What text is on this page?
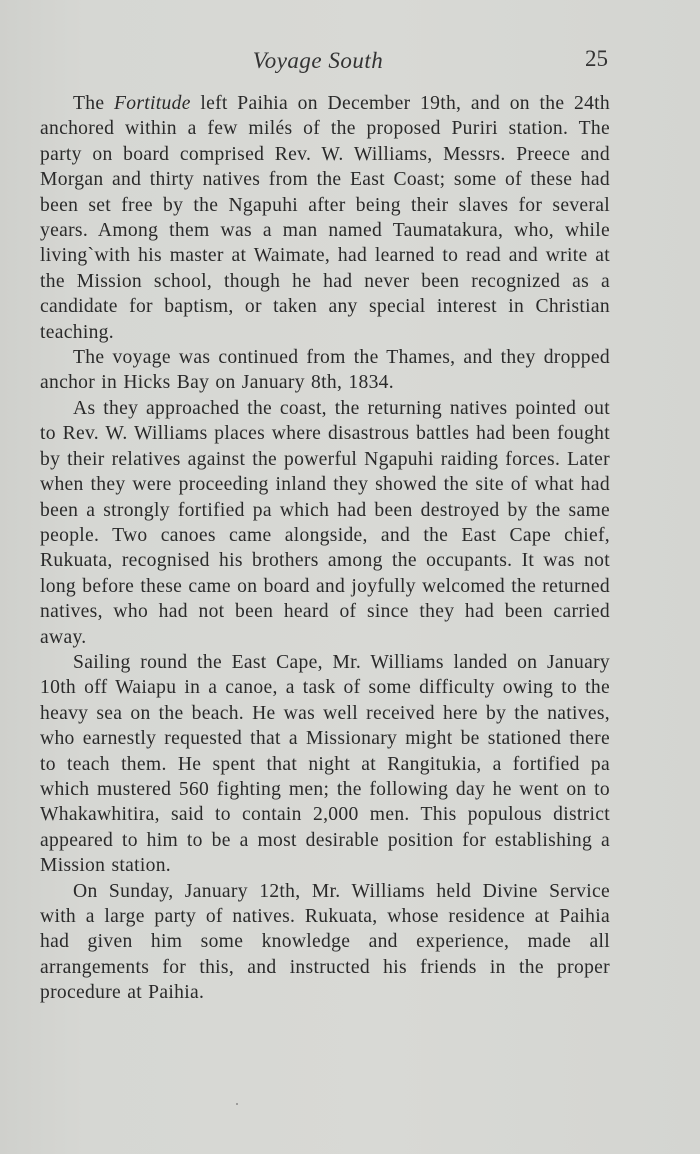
Voyage South	25

The Fortitude left Paihia on December 19th, and on the 24th anchored within a few milés of the proposed Puriri station. The party on board comprised Rev. W. Williams, Messrs. Preece and Morgan and thirty natives from the East Coast; some of these had been set free by the Ngapuhi after being their slaves for several years. Among them was a man named Taumatakura, who, while living`with his master at Waimate, had learned to read and write at the Mission school, though he had never been recognized as a candidate for baptism, or taken any special interest in Christian teaching.

The voyage was continued from the Thames, and they dropped anchor in Hicks Bay on January 8th, 1834.

As they approached the coast, the returning natives pointed out to Rev. W. Williams places where disastrous battles had been fought by their relatives against the powerful Ngapuhi raiding forces. Later when they were proceeding inland they showed the site of what had been a strongly fortified pa which had been destroyed by the same people. Two canoes came alongside, and the East Cape chief, Rukuata, recognised his brothers among the occupants. It was not long before these came on board and joyfully welcomed the returned natives, who had not been heard of since they had been carried away.

Sailing round the East Cape, Mr. Williams landed on January 10th off Waiapu in a canoe, a task of some difficulty owing to the heavy sea on the beach. He was well received here by the natives, who earnestly requested that a Missionary might be stationed there to teach them. He spent that night at Rangitukia, a fortified pa which mustered 560 fighting men; the following day he went on to Whakawhitira, said to contain 2,000 men. This populous district appeared to him to be a most desirable position for establishing a Mission station.

On Sunday, January 12th, Mr. Williams held Divine Service with a large party of natives. Rukuata, whose residence at Paihia had given him some knowledge and experience, made all arrangements for this, and instructed his friends in the proper procedure at Paihia.
